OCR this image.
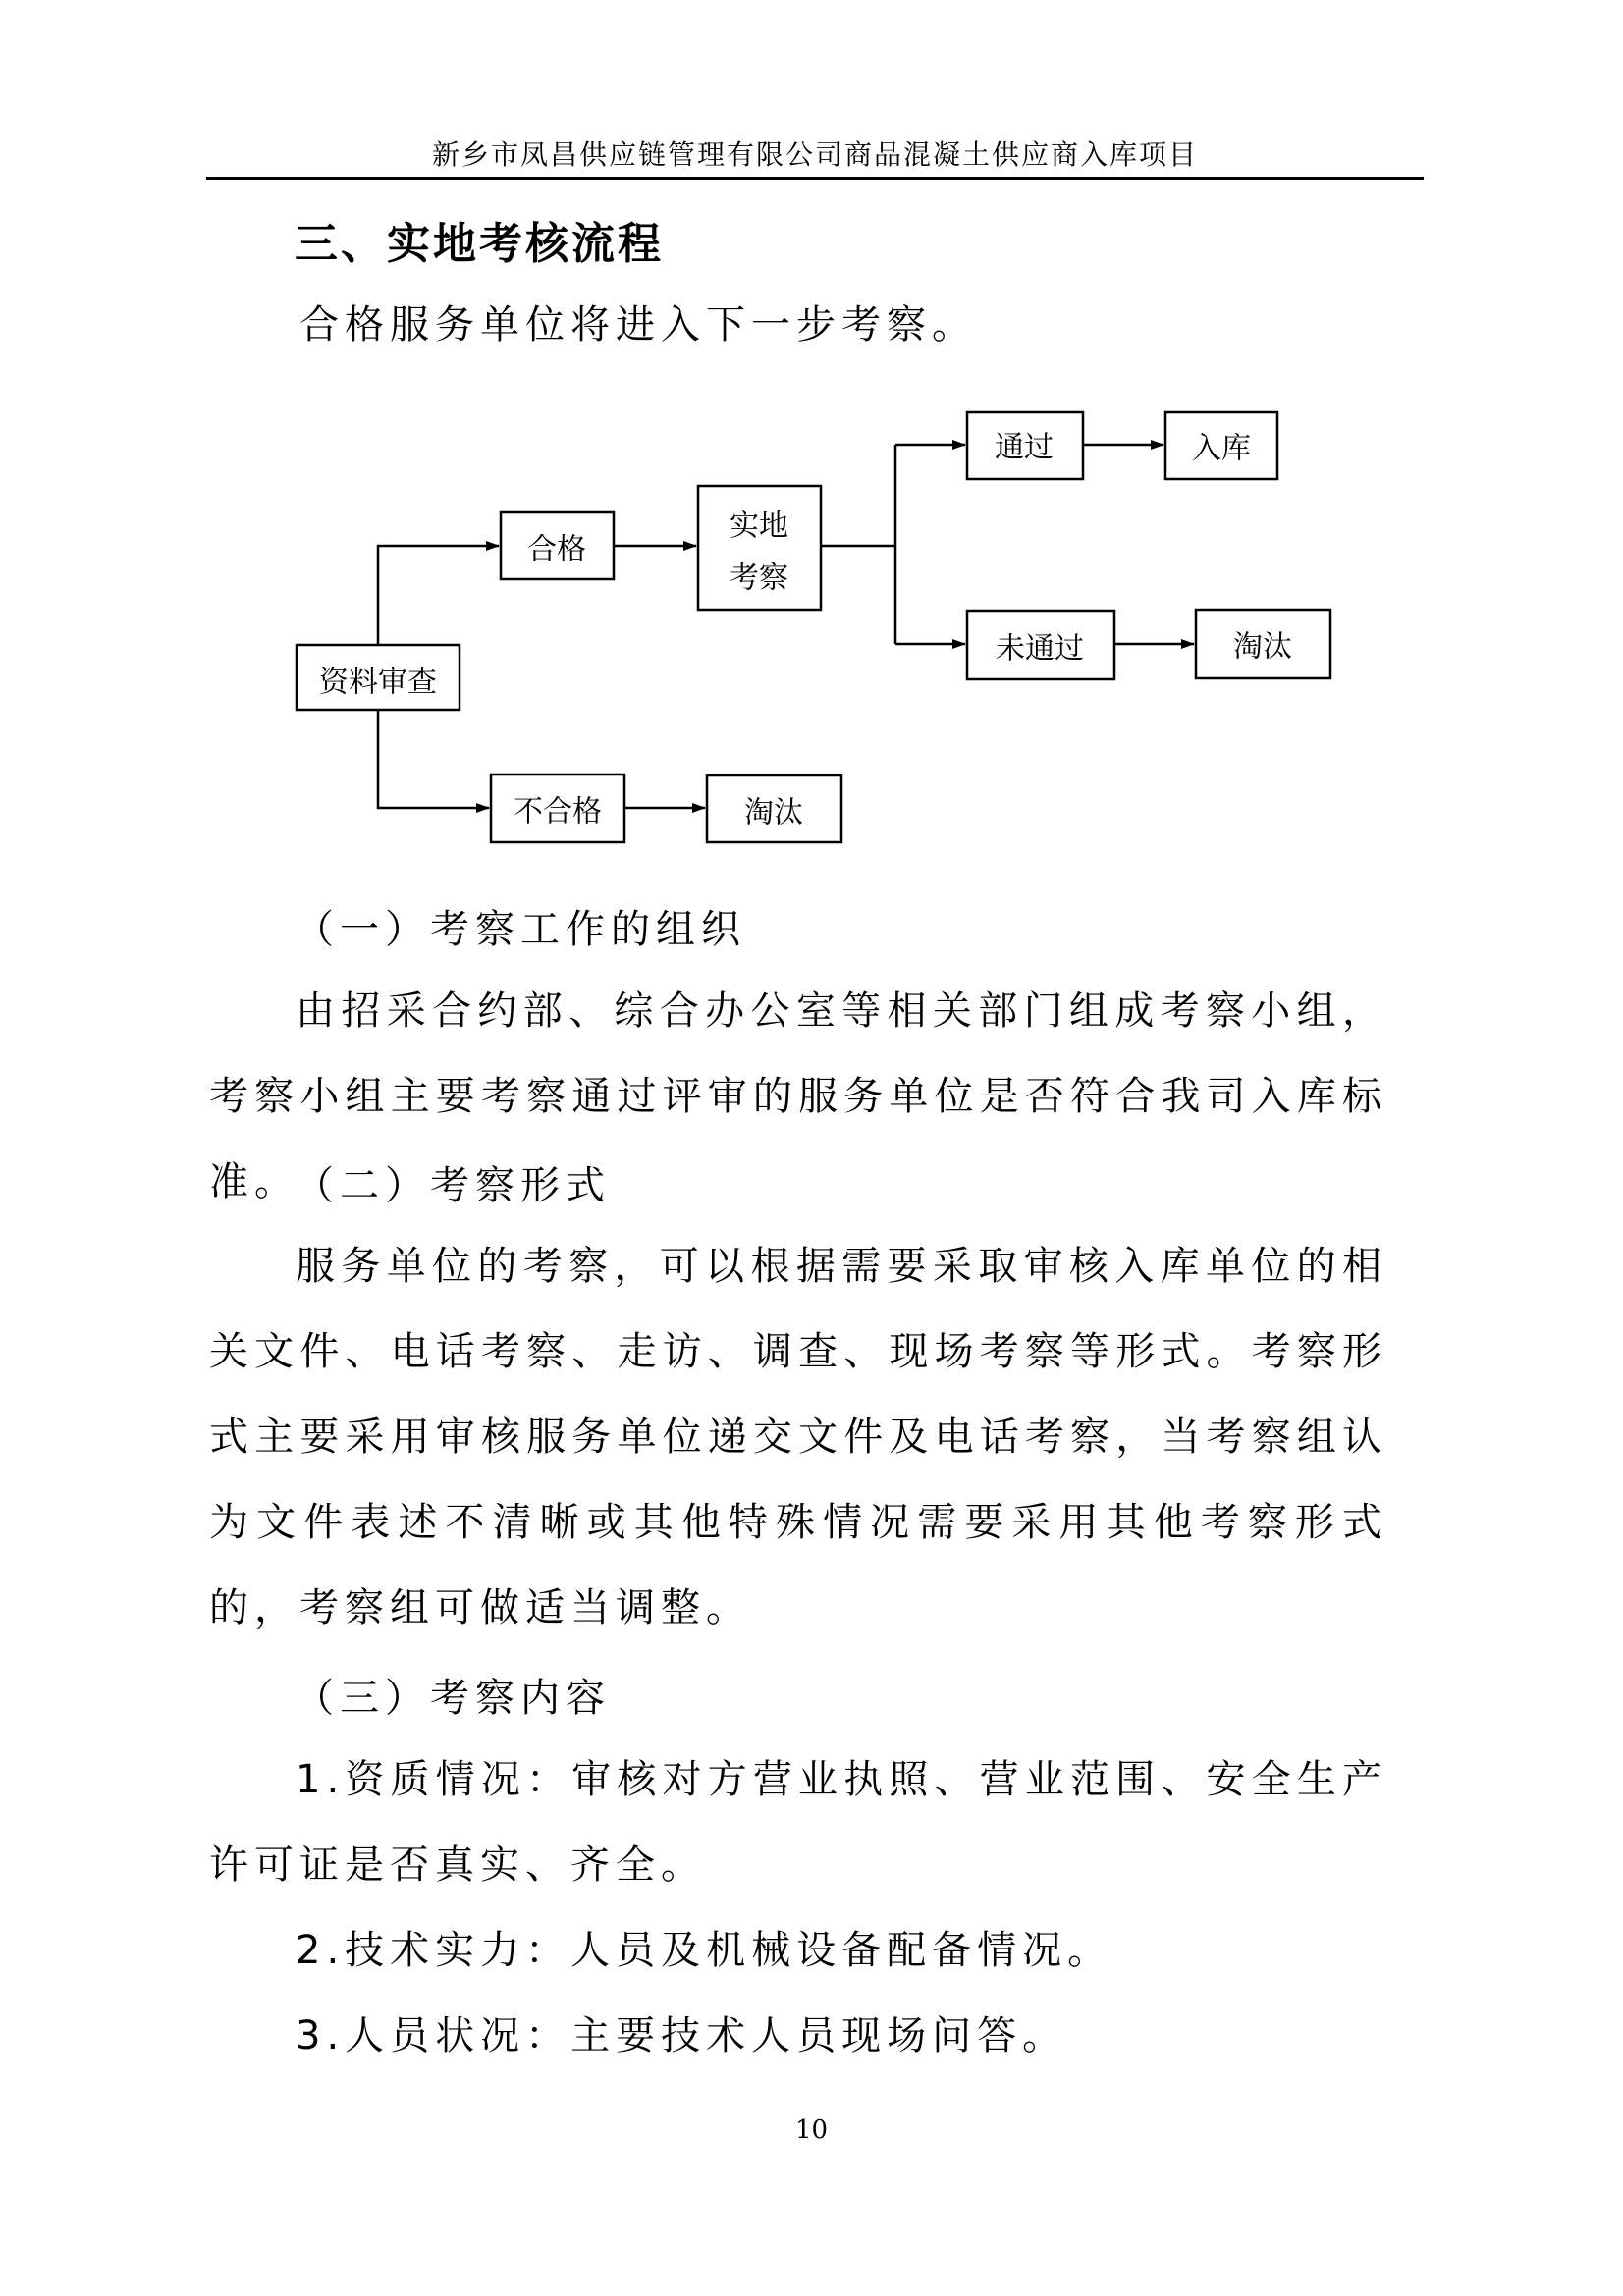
新乡市凤昌供应链管理有限公司商品混凝土供应商入库项目
三、实地考核流程
合格服务单位将进入下一步考察。
资料审查
合格
不合格	淘汰
实地
考察
通过	入库
未通过	淘汰
（一）考察工作的组织
由招采合约部、综合办公室等相关部门组成考察小组，考察小组主要考察通过评审的服务单位是否符合我司入库标准。
（二）考察形式
服务单位的考察，可以根据需要采取审核入库单位的相关文件、电话考察、走访、调查、现场考察等形式。考察形式主要采用审核服务单位递交文件及电话考察，当考察组认为文件表述不清晰或其他特殊情况需要采用其他考察形式的，考察组可做适当调整。
（三）考察内容
1.资质情况：审核对方营业执照、营业范围、安全生产许可证是否真实、齐全。
2.技术实力：人员及机械设备配备情况。
3.人员状况：主要技术人员现场问答。
10
